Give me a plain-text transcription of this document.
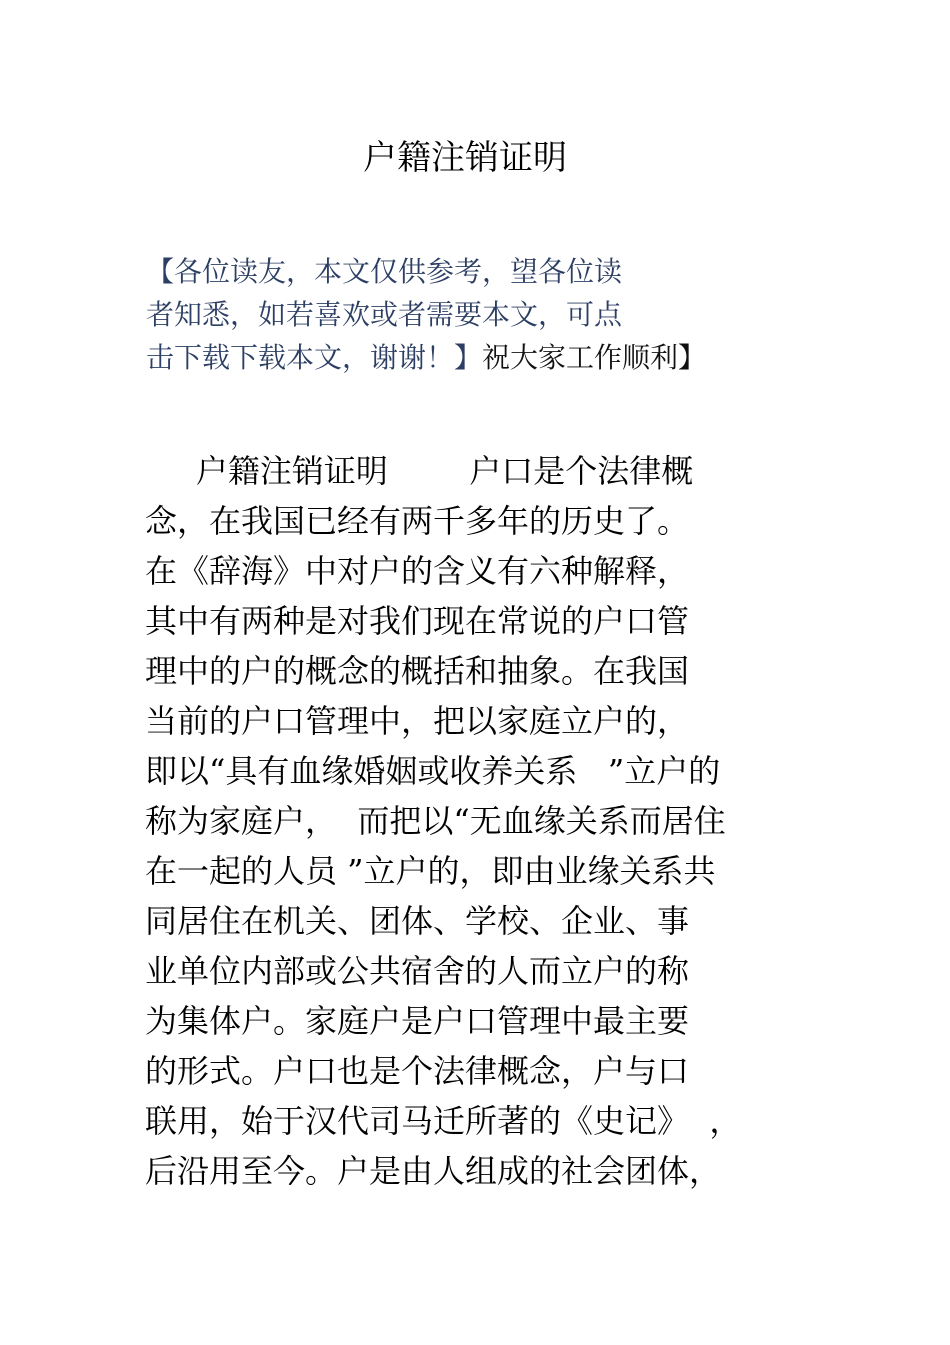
户籍注销证明
【各位读友，本文仅供参考，望各位读
者知悉，如若喜欢或者需要本文，可点
击下载下载本文，谢谢！】祝大家工作顺利】
户籍注销证明        户口是个法律概
念，在我国已经有两千多年的历史了。
在《辞海》中对户的含义有六种解释，
其中有两种是对我们现在常说的户口管
理中的户的概念的概括和抽象。在我国
当前的户口管理中，把以家庭立户的，
即以“具有血缘婚姻或收养关系   ”立户的
称为家庭户，  而把以“无血缘关系而居住
在一起的人员 ”立户的，即由业缘关系共
同居住在机关、团体、学校、企业、事
业单位内部或公共宿舍的人而立户的称
为集体户。家庭户是户口管理中最主要
的形式。户口也是个法律概念，户与口
联用，始于汉代司马迁所著的《史记》  ，
后沿用至今。户是由人组成的社会团体，
